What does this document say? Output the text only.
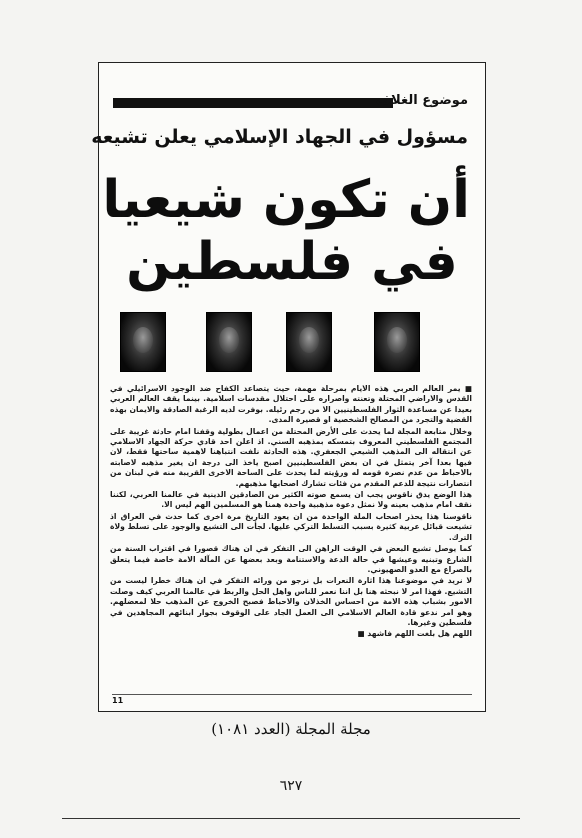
موضوع الغلاف
مسؤول في الجهاد الإسلامي يعلن تشيعه
أن تكون شيعيا
في فلسطين

■ يمر العالم العربي هذه الايام بمرحلة مهمة، حيث يتصاعد الكفاح ضد الوجود الاسرائيلي في القدس والاراضي المحتلة وتعنته واصراره على احتلال مقدسات اسلامية. بينما يقف العالم العربي بعيدا عن مساعدة الثوار الفلسطينيين الا من رجم رئيله. بوفرت لديه الرغبة الصادقة والايمان بهذه القضية والتجرد من المصالح الشخصية او قصيرة المدى.

وخلال متابعة المجلة لما يحدث على الأرض المحتلة من اعمال بطولية وقفنا امام حادثة غريبة على المجتمع الفلسطيني المعروف بتمسكه بمذهبه السني. اذ اعلن احد قادي حركة الجهاد الاسلامي عن انتقاله الى المذهب الشيعي الجعفري. هذه الحادثة نلفت انتباهنا لاهمية ساحتها فقط، لان فيها بعدا آخر يتمثل في ان بعض الفلسطينيين اصبح ياخذ الى درجة ان يغير مذهبه لاصابته بالاحباط من عدم نصرة قومه له ورؤيته لما يحدث على الساحة الاخرى القريبة منه في لبنان من انتصارات نتيجة للدعم المقدم من فئات تشارك اصحابها مذهبهم.

هذا الوضع يدق ناقوس يجب ان يسمع صوته الكثير من الصادقين الدينية في عالمنا العربي، لكننا نقف امام مذهب بعينه ولا نمثل دعوة مذهبية واحدة همنا هو المسلمين الهم ليس الا.

ناقوسنا هذا يحذر اصحاب الملة الواحدة من ان يعود التاريخ مرة اخرى كما حدث في العراق اذ تشيعت قبائل عربية كثيرة بسبب التسلط التركي عليها. لجأت الى التشيع والوجود على تسلط ولاة الترك.

كما يوصل تشيع البعض في الوقت الراهن الى التفكر في ان هناك قصورا في اقتراب السنة من الشارع وتبنيه وعيشها في حالة الدعة والاستنامة وبعد بعضها عن المآلة الامة خاصة فيما يتعلق بالصراع مع العدو الصهيوني.

لا نريد في موضوعنا هذا اثارة النعرات بل نرجو من ورائه التفكر في ان هناك خطرا ليست من التشيع. فهذا امر لا نبحثه هنا بل اننا نعمر للناس واهل الحل والربط في عالمنا العربي كيف وصلت الامور بشباب هذه الامة من احساس الخذلان والاحباط فصبح الخروج عن المذهب حلا لمعضلهم. وهو امر ندعو قادة العالم الاسلامي الى العمل الجاد على الوقوف بجوار ابنائهم المجاهدين في فلسطين وغيرها.

اللهم هل بلغت اللهم فاشهد ■

11
مجلة المجلة (العدد ١٠٨١)
٦٢٧
